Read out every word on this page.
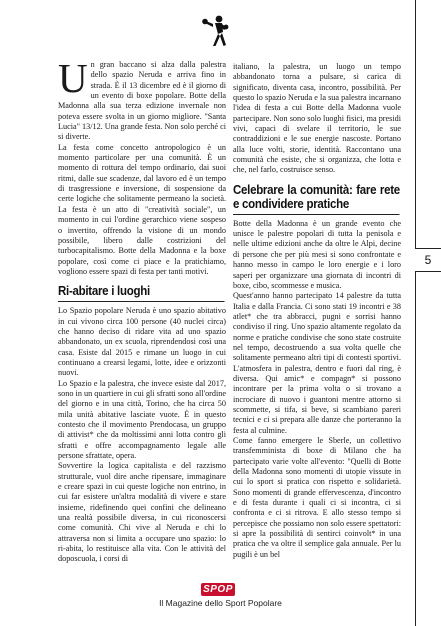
5

Un gran baccano si alza dalla palestra dello spazio Neruda e arriva fino in strada. È il 13 dicembre ed è il giorno di un evento di boxe popolare. Botte della Madonna alla sua terza edizione invernale non poteva essere svolta in un giorno migliore. "Santa Lucia" 13/12. Una grande festa. Non solo perché ci si diverte.

La festa come concetto antropologico è un momento particolare per una comunità. È un momento di rottura del tempo ordinario, dai suoi ritmi, dalle sue scadenze, dal lavoro ed è un tempo di trasgressione e inversione, di sospensione da certe logiche che solitamente permeano la società. La festa è un atto di "creatività sociale", un momento in cui l'ordine gerarchico viene sospeso o invertito, offrendo la visione di un mondo possibile, libero dalle costrizioni del turbocapitalismo. Botte della Madonna e la boxe popolare, così come ci piace e la pratichiamo, vogliono essere spazi di festa per tanti motivi.

Ri-abitare i luoghi

Lo Spazio popolare Neruda è uno spazio abitativo in cui vivono circa 100 persone (40 nuclei circa) che hanno deciso di ridare vita ad uno spazio abbandonato, un ex scuola, riprendendosi così una casa. Esiste dal 2015 e rimane un luogo in cui continuano a crearsi legami, lotte, idee e orizzonti nuovi.

Lo Spazio e la palestra, che invece esiste dal 2017, sono in un quartiere in cui gli sfratti sono all'ordine del giorno e in una città, Torino, che ha circa 50 mila unità abitative lasciate vuote. È in questo contesto che il movimento Prendocasa, un gruppo di attivist* che da moltissimi anni lotta contro gli sfratti e offre accompagnamento legale alle persone sfrattate, opera.

Sovvertire la logica capitalista e del razzismo strutturale, vuol dire anche ripensare, immaginare e creare spazi in cui queste logiche non entrino, in cui far esistere un'altra modalità di vivere e stare insieme, ridefinendo quei confini che delineano una realtà possibile diversa, in cui riconoscersi come comunità. Chi vive al Neruda e chi lo attraversa non si limita a occupare uno spazio: lo ri-abita, lo restituisce alla vita. Con le attività del doposcuola, i corsi di

italiano, la palestra, un luogo un tempo abbandonato torna a pulsare, si carica di significato, diventa casa, incontro, possibilità. Per questo lo spazio Neruda e la sua palestra incarnano l'idea di festa a cui Botte della Madonna vuole partecipare. Non sono solo luoghi fisici, ma presidi vivi, capaci di svelare il territorio, le sue contraddizioni e le sue energie nascoste. Portano alla luce volti, storie, identità. Raccontano una comunità che esiste, che si organizza, che lotta e che, nel farlo, costruisce senso.

Celebrare la comunità: fare rete e condividere pratiche

Botte della Madonna è un grande evento che unisce le palestre popolari di tutta la penisola e nelle ultime edizioni anche da oltre le Alpi, decine di persone che per più mesi si sono confrontate e hanno messo in campo le loro energie e i loro saperi per organizzare una giornata di incontri di boxe, cibo, scommesse e musica.

Quest'anno hanno partecipato 14 palestre da tutta Italia e dalla Francia. Ci sono stati 19 incontri e 38 atlet* che tra abbracci, pugni e sorrisi hanno condiviso il ring. Uno spazio altamente regolato da norme e pratiche condivise che sono state costruite nel tempo, decostruendo a sua volta quelle che solitamente permeano altri tipi di contesti sportivi. L'atmosfera in palestra, dentro e fuori dal ring, è diversa. Qui amic* e compagn* si possono incontrare per la prima volta o si trovano a incrociare di nuovo i guantoni mentre attorno si scommette, si tifa, si beve, si scambiano pareri tecnici e ci si prepara alle danze che porteranno la festa al culmine.

Come fanno emergere le Sberle, un collettivo transfemminista di boxe di Milano che ha partecipato varie volte all'evento: "Quelli di Botte della Madonna sono momenti di utopie vissute in cui lo sport si pratica con rispetto e solidarietà. Sono momenti di grande effervescenza, d'incontro e di festa durante i quali ci si incontra, ci si confronta e ci si ritrova. E allo stesso tempo si percepisce che possiamo non solo essere spettatori: si apre la possibilità di sentirci coinvolt* in una pratica che va oltre il semplice gala annuale. Per lu pugili è un bel

SPOP
Il Magazine dello Sport Popolare
